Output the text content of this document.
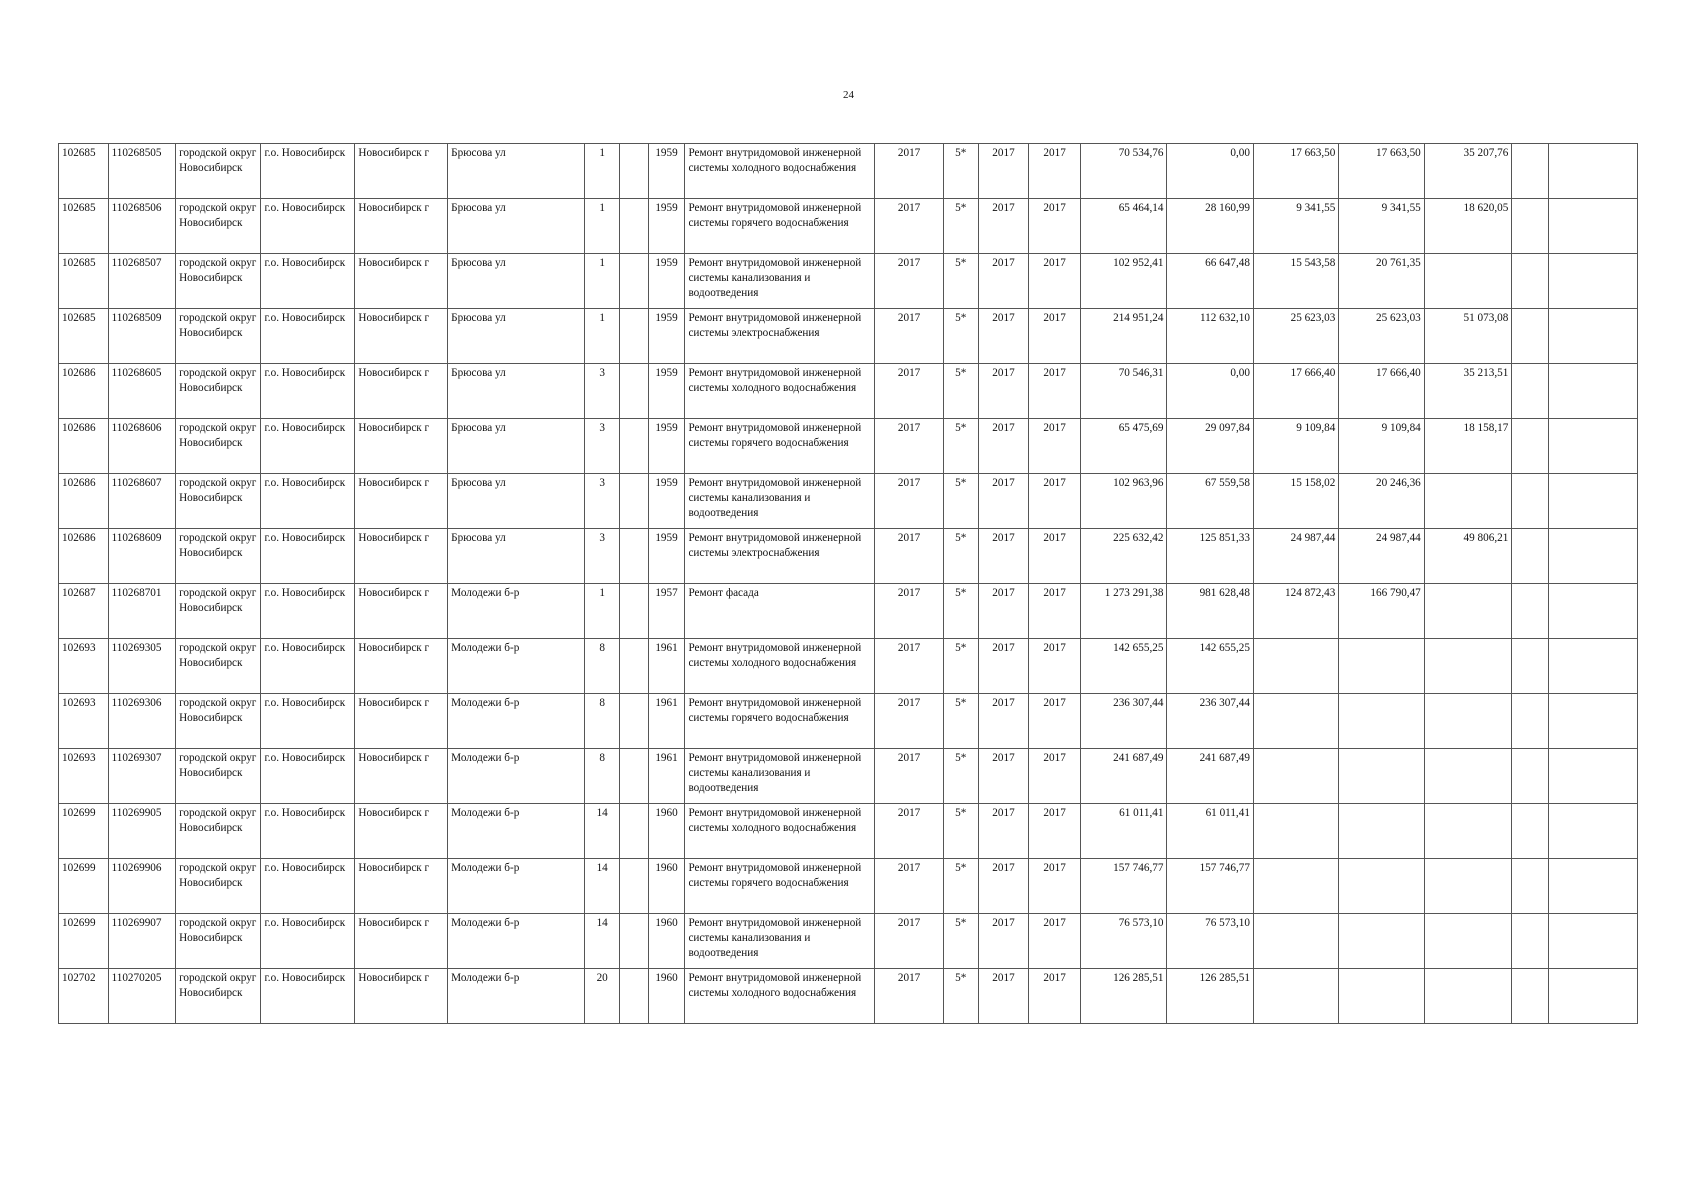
24
102685	110268505	городской округ Новосибирск	г.о. Новосибирск	Новосибирск г	Брюсова ул	1		1959	Ремонт внутридомовой инженерной системы холодного водоснабжения	2017	5*	2017	2017	70 534,76	0,00	17 663,50	17 663,50	35 207,76		
102685	110268506	городской округ Новосибирск	г.о. Новосибирск	Новосибирск г	Брюсова ул	1		1959	Ремонт внутридомовой инженерной системы горячего водоснабжения	2017	5*	2017	2017	65 464,14	28 160,99	9 341,55	9 341,55	18 620,05		
102685	110268507	городской округ Новосибирск	г.о. Новосибирск	Новосибирск г	Брюсова ул	1		1959	Ремонт внутридомовой инженерной системы канализования и водоотведения	2017	5*	2017	2017	102 952,41	66 647,48	15 543,58	20 761,35			
102685	110268509	городской округ Новосибирск	г.о. Новосибирск	Новосибирск г	Брюсова ул	1		1959	Ремонт внутридомовой инженерной системы электроснабжения	2017	5*	2017	2017	214 951,24	112 632,10	25 623,03	25 623,03	51 073,08		
102686	110268605	городской округ Новосибирск	г.о. Новосибирск	Новосибирск г	Брюсова ул	3		1959	Ремонт внутридомовой инженерной системы холодного водоснабжения	2017	5*	2017	2017	70 546,31	0,00	17 666,40	17 666,40	35 213,51		
102686	110268606	городской округ Новосибирск	г.о. Новосибирск	Новосибирск г	Брюсова ул	3		1959	Ремонт внутридомовой инженерной системы горячего водоснабжения	2017	5*	2017	2017	65 475,69	29 097,84	9 109,84	9 109,84	18 158,17		
102686	110268607	городской округ Новосибирск	г.о. Новосибирск	Новосибирск г	Брюсова ул	3		1959	Ремонт внутридомовой инженерной системы канализования и водоотведения	2017	5*	2017	2017	102 963,96	67 559,58	15 158,02	20 246,36			
102686	110268609	городской округ Новосибирск	г.о. Новосибирск	Новосибирск г	Брюсова ул	3		1959	Ремонт внутридомовой инженерной системы электроснабжения	2017	5*	2017	2017	225 632,42	125 851,33	24 987,44	24 987,44	49 806,21		
102687	110268701	городской округ Новосибирск	г.о. Новосибирск	Новосибирск г	Молодежи б-р	1		1957	Ремонт фасада	2017	5*	2017	2017	1 273 291,38	981 628,48	124 872,43	166 790,47			
102693	110269305	городской округ Новосибирск	г.о. Новосибирск	Новосибирск г	Молодежи б-р	8		1961	Ремонт внутридомовой инженерной системы холодного водоснабжения	2017	5*	2017	2017	142 655,25	142 655,25					
102693	110269306	городской округ Новосибирск	г.о. Новосибирск	Новосибирск г	Молодежи б-р	8		1961	Ремонт внутридомовой инженерной системы горячего водоснабжения	2017	5*	2017	2017	236 307,44	236 307,44					
102693	110269307	городской округ Новосибирск	г.о. Новосибирск	Новосибирск г	Молодежи б-р	8		1961	Ремонт внутридомовой инженерной системы канализования и водоотведения	2017	5*	2017	2017	241 687,49	241 687,49					
102699	110269905	городской округ Новосибирск	г.о. Новосибирск	Новосибирск г	Молодежи б-р	14		1960	Ремонт внутридомовой инженерной системы холодного водоснабжения	2017	5*	2017	2017	61 011,41	61 011,41					
102699	110269906	городской округ Новосибирск	г.о. Новосибирск	Новосибирск г	Молодежи б-р	14		1960	Ремонт внутридомовой инженерной системы горячего водоснабжения	2017	5*	2017	2017	157 746,77	157 746,77					
102699	110269907	городской округ Новосибирск	г.о. Новосибирск	Новосибирск г	Молодежи б-р	14		1960	Ремонт внутридомовой инженерной системы канализования и водоотведения	2017	5*	2017	2017	76 573,10	76 573,10					
102702	110270205	городской округ Новосибирск	г.о. Новосибирск	Новосибирск г	Молодежи б-р	20		1960	Ремонт внутридомовой инженерной системы холодного водоснабжения	2017	5*	2017	2017	126 285,51	126 285,51					
